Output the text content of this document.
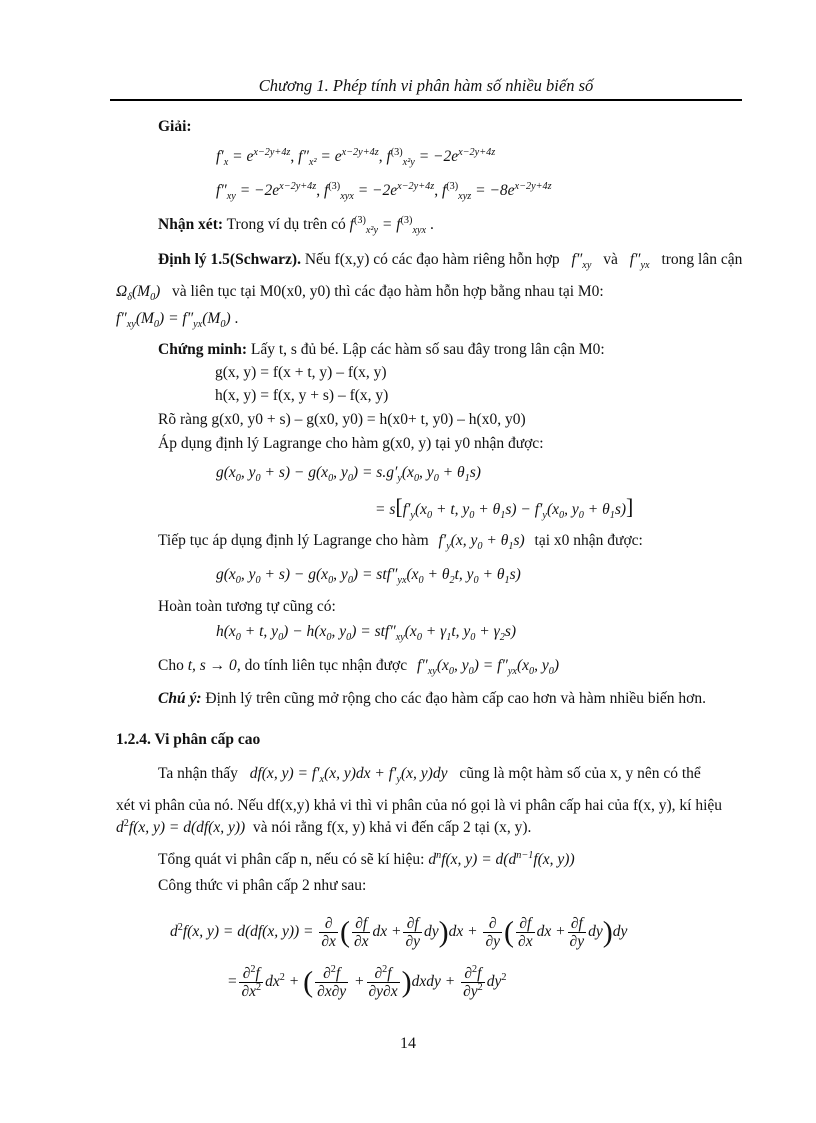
Chương 1. Phép tính vi phân hàm số nhiều biến số
Giải:
$f'_x = e^{x-2y+4z}$, $f''_{x^2} = e^{x-2y+4z}$, $f^{(3)}_{x^2y} = -2e^{x-2y+4z}$
$f''_{xy} = -2e^{x-2y+4z}$, $f^{(3)}_{xyx} = -2e^{x-2y+4z}$, $f^{(3)}_{xyz} = -8e^{x-2y+4z}$
Nhận xét: Trong ví dụ trên có $f^{(3)}_{x^2y} = f^{(3)}_{xyx}$ .
Định lý 1.5(Schwarz). Nếu f(x,y) có các đạo hàm riêng hỗn hợp $f''_{xy}$ và $f''_{yx}$ trong lân cận
$\Omega_\delta(M_0)$ và liên tục tại M0(x0, y0) thì các đạo hàm hỗn hợp bằng nhau tại M0:
$f''_{xy}(M_0) = f''_{yx}(M_0)$ .
Chứng minh: Lấy t, s đủ bé. Lập các hàm số sau đây trong lân cận M0:
g(x, y) = f(x + t, y) – f(x, y)
h(x, y) = f(x, y + s) – f(x, y)
Rõ ràng g(x0, y0 + s) – g(x0, y0) = h(x0+ t, y0) – h(x0, y0)
Áp dụng định lý Lagrange cho hàm g(x0, y) tại y0 nhận được:
$g(x_0$, $y_0 + s) - g(x_0$, $y_0) = s.g'_y(x_0$, $y_0 + \theta_1s$)
= $s[f'_y(x_0 + t$, $y_0 + \theta_1s) - f'_y(x_0$, $y_0 + \theta_1s$)]
Tiếp tục áp dụng định lý Lagrange cho hàm $f'_y(x$, $y_0 + \theta_1s$) tại x0 nhận được:
$g(x_0$, $y_0 + s) - g(x_0$, $y_0) = stf''_{yx}(x_0 + \theta_2t$, $y_0 + \theta_1s$)
Hoàn toàn tương tự cũng có:
$h(x_0 + t$, $y_0) - h(x_0$, $y_0) = stf''_{xy}(x_0 + \gamma_1t$, $y_0 + \gamma_2s$)
Cho t, s → 0, do tính liên tục nhận được $f''_{xy}(x_0$, $y_0) = f''_{yx}(x_0$, $y_0$)
Chú ý: Định lý trên cũng mở rộng cho các đạo hàm cấp cao hơn và hàm nhiều biến hơn.
1.2.4. Vi phân cấp cao
Ta nhận thấy df(x, $y) = f'_x(x$, $y)dx + f'_y(x$, y)dy cũng là một hàm số của x, y nên có thể
xét vi phân của nó. Nếu df(x,y) khả vi thì vi phân của nó gọi là vi phân cấp hai của f(x, y), kí hiệu
$d^2f(x$, y) = d(df(x, y)) và nói rằng f(x, y) khả vi đến cấp 2 tại (x, y).
Tổng quát vi phân cấp n, nếu có sẽ kí hiệu: $d^nf(x$, $y) = d(d^{n-1}f(x$, y))
Công thức vi phân cấp 2 như sau:
$d^2f(x$, y) = d(df(x, $y)) = \frac{\partial}{\partial x}$ ( $\frac{\partial f}{\partial x}$ dx + $\frac{\partial f}{\partial y} dy)dx + \frac{\partial}{\partial y}$ ( $\frac{\partial f}{\partial x}$ dx + $\frac{\partial f}{\partial y} dy)dy$
= $\frac{\partial^2f}{\partial x^2} dx^2$ + ( $\frac{\partial^2f}{\partial x\partial y} + \frac{\partial^2f}{\partial y\partial x}$ )dxdy + $\frac{\partial^2f}{\partial y^2} dy^2$
14
